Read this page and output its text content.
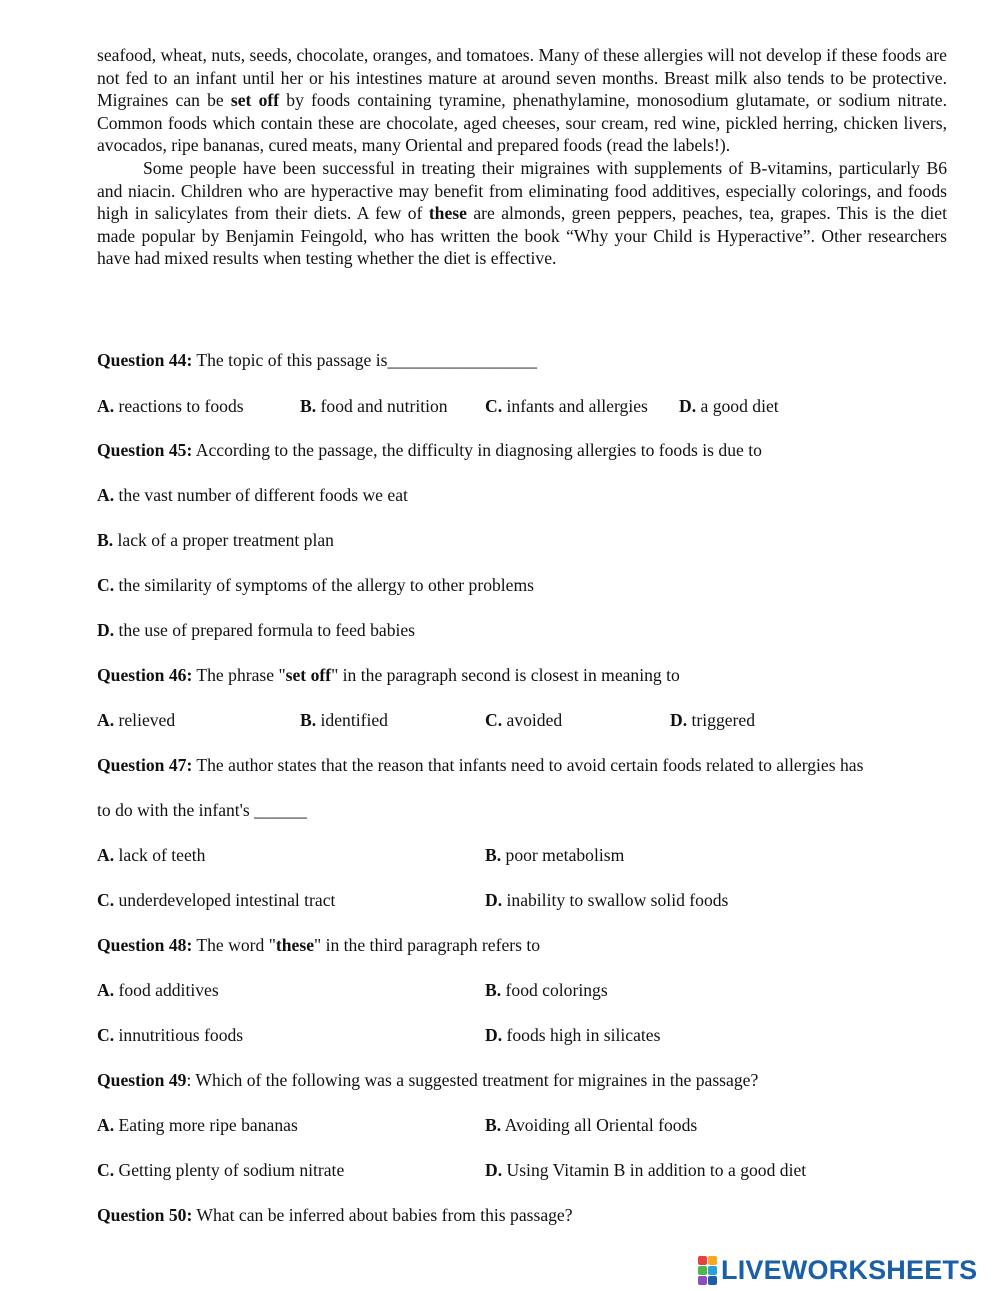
seafood, wheat, nuts, seeds, chocolate, oranges, and tomatoes. Many of these allergies will not develop if these foods are not fed to an infant until her or his intestines mature at around seven months. Breast milk also tends to be protective. Migraines can be set off by foods containing tyramine, phenathylamine, monosodium glutamate, or sodium nitrate. Common foods which contain these are chocolate, aged cheeses, sour cream, red wine, pickled herring, chicken livers, avocados, ripe bananas, cured meats, many Oriental and prepared foods (read the labels!).

Some people have been successful in treating their migraines with supplements of B-vitamins, particularly B6 and niacin. Children who are hyperactive may benefit from eliminating food additives, especially colorings, and foods high in salicylates from their diets. A few of these are almonds, green peppers, peaches, tea, grapes. This is the diet made popular by Benjamin Feingold, who has written the book “Why your Child is Hyperactive”. Other researchers have had mixed results when testing whether the diet is effective.

Question 44: The topic of this passage is_________________

A. reactions to foods	B. food and nutrition C. infants and allergies D. a good diet

Question 45: According to the passage, the difficulty in diagnosing allergies to foods is due to

A. the vast number of different foods we eat
B. lack of a proper treatment plan
C. the similarity of symptoms of the allergy to other problems
D. the use of prepared formula to feed babies

Question 46: The phrase "set off" in the paragraph second is closest in meaning to

A. relieved	B. identified	C. avoided	D. triggered

Question 47: The author states that the reason that infants need to avoid certain foods related to allergies has

to do with the infant's ______

A. lack of teeth	B. poor metabolism
C. underdeveloped intestinal tract	D. inability to swallow solid foods

Question 48: The word "these" in the third paragraph refers to

A. food additives	B. food colorings
C. innutritious foods	D. foods high in silicates

Question 49: Which of the following was a suggested treatment for migraines in the passage?

A. Eating more ripe bananas	B. Avoiding all Oriental foods
C. Getting plenty of sodium nitrate	D. Using Vitamin B in addition to a good diet

Question 50: What can be inferred about babies from this passage?

LIVEWORKSHEETS
